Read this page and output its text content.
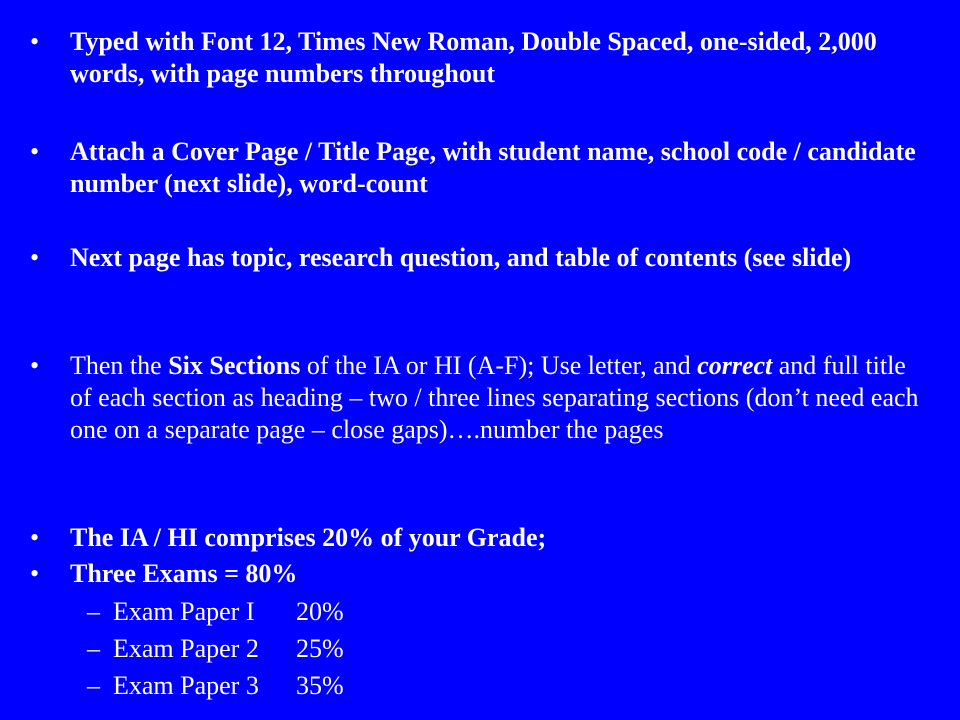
• Typed with Font 12, Times New Roman, Double Spaced, one-sided, 2,000 words, with page numbers throughout
• Attach a Cover Page / Title Page, with student name, school code / candidate number (next slide), word-count
• Next page has topic, research question, and table of contents (see slide)
• Then the Six Sections of the IA or HI (A-F); Use letter, and correct and full title of each section as heading – two / three lines separating sections (don’t need each one on a separate page – close gaps)….number the pages
• The IA / HI comprises 20% of your Grade;
• Three Exams = 80%
– Exam Paper I 20%
– Exam Paper 2 25%
– Exam Paper 3 35%
